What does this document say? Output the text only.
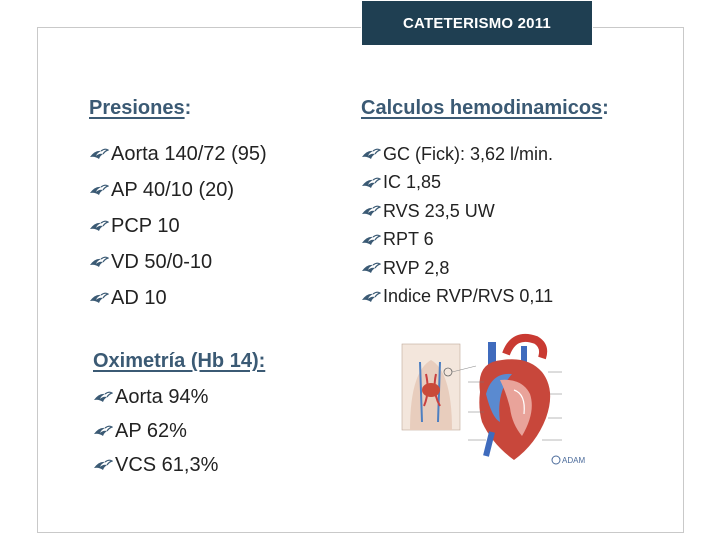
CATETERISMO 2011
Presiones:
Aorta 140/72 (95)
AP 40/10 (20)
PCP 10
VD 50/0-10
AD 10
Calculos hemodinamicos:
GC (Fick): 3,62 l/min.
IC 1,85
RVS 23,5 UW
RPT 6
RVP 2,8
Indice RVP/RVS 0,11
Oximetría (Hb 14):
Aorta 94%
AP 62%
VCS 61,3%	ADAM
